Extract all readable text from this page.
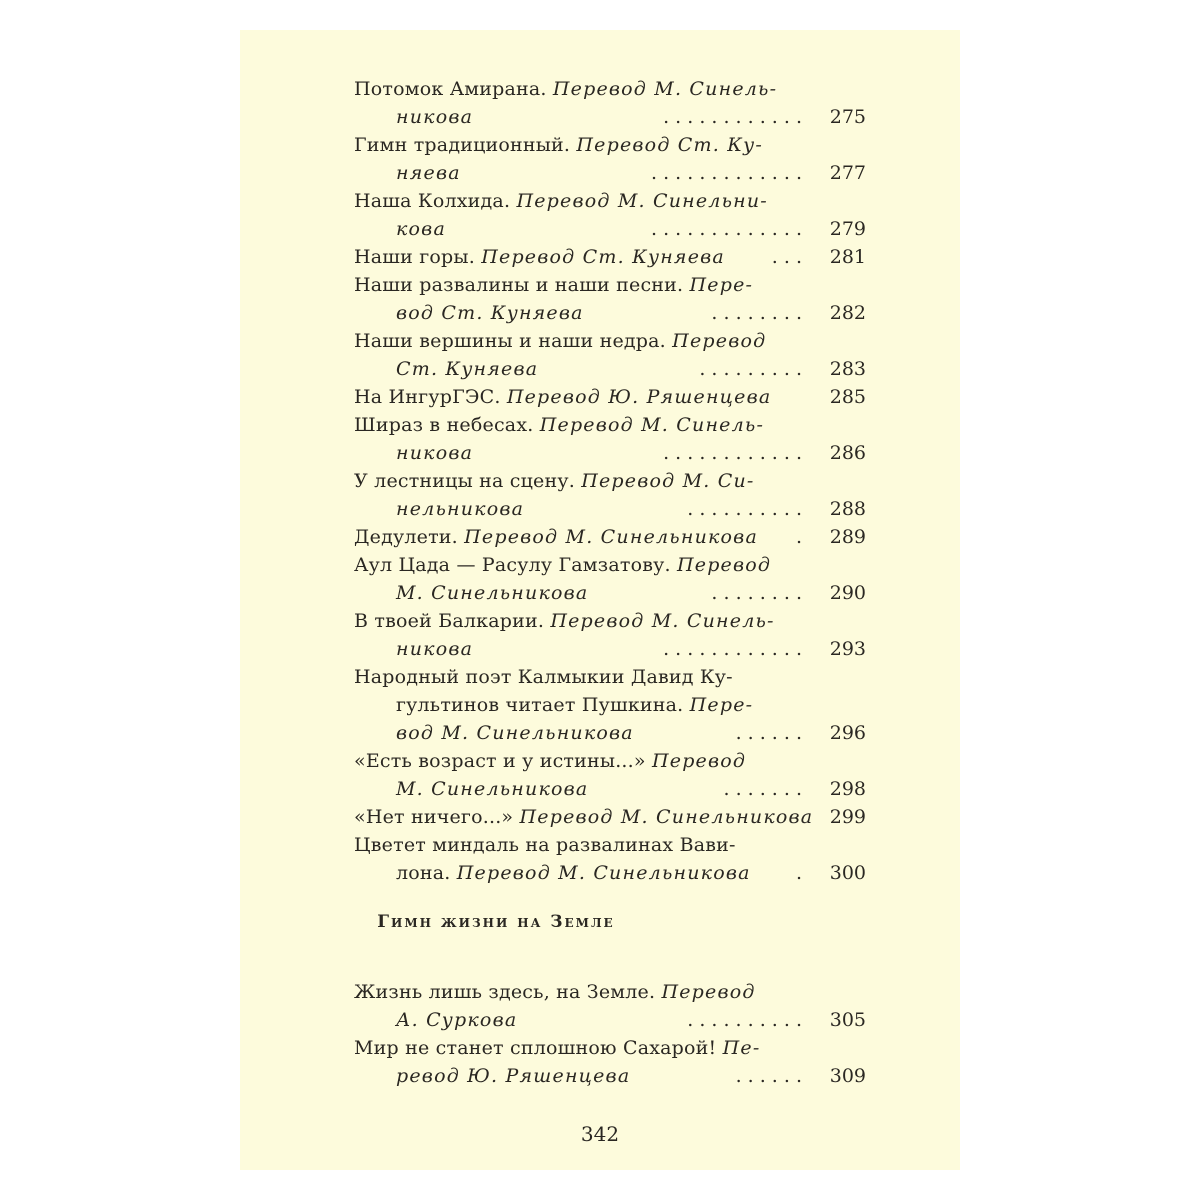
Потомок Амирана. Перевод М. Синель-
никова	. . . . . . . . . . . .	275
Гимн традиционный. Перевод Ст. Ку-
няева	. . . . . . . . . . . . .	277
Наша Колхида. Перевод М. Синельни-
кова	. . . . . . . . . . . . .	279
Наши горы. Перевод Ст. Куняева . . .	281
Наши развалины и наши песни. Пере-
вод Ст. Куняева	. . . . . . . .	282
Наши вершины и наши недра. Перевод
Ст. Куняева	. . . . . . . . .	283
На ИнгурГЭС. Перевод Ю. Ряшенцева	285
Шираз в небесах. Перевод М. Синель-
никова	. . . . . . . . . . . .	286
У лестницы на сцену. Перевод М. Си-
нельникова	. . . . . . . . . .	288
Дедулети. Перевод М. Синельникова .	289
Аул Цада — Расулу Гамзатову. Перевод
М. Синельникова	. . . . . . . .	290
В твоей Балкарии. Перевод М. Синель-
никова	. . . . . . . . . . . .	293
Народный поэт Калмыкии Давид Ку-
гультинов читает Пушкина. Пере-
вод М. Синельникова	. . . . . .	296
«Есть возраст и у истины...» Перевод
М. Синельникова	. . . . . . .	298
«Нет ничего...» Перевод М. Синельникова 299
Цветет миндаль на развалинах Вави-
лона. Перевод М. Синельникова .	300
Гимн жизни на Земле
Жизнь лишь здесь, на Земле. Перевод
А. Суркова	. . . . . . . . . .	305
Мир не станет сплошною Сахарой! Пе-
ревод Ю. Ряшенцева	. . . . . .	309
342
